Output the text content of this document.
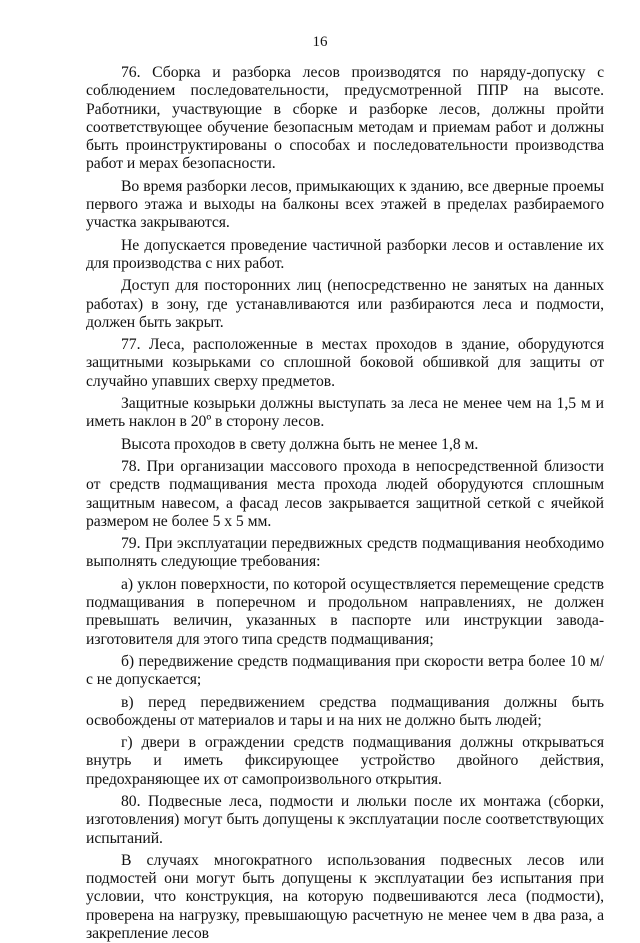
16

76. Сборка и разборка лесов производятся по наряду-допуску с соблюдением последовательности, предусмотренной ППР на высоте. Работники, участвующие в сборке и разборке лесов, должны пройти соответствующее обучение безопасным методам и приемам работ и должны быть проинструктированы о способах и последовательности производства работ и мерах безопасности.

Во время разборки лесов, примыкающих к зданию, все дверные проемы первого этажа и выходы на балконы всех этажей в пределах разбираемого участка закрываются.

Не допускается проведение частичной разборки лесов и оставление их для производства с них работ.

Доступ для посторонних лиц (непосредственно не занятых на данных работах) в зону, где устанавливаются или разбираются леса и подмости, должен быть закрыт.

77. Леса, расположенные в местах проходов в здание, оборудуются защитными козырьками со сплошной боковой обшивкой для защиты от случайно упавших сверху предметов.

Защитные козырьки должны выступать за леса не менее чем на 1,5 м и иметь наклон в 20º в сторону лесов.

Высота проходов в свету должна быть не менее 1,8 м.

78. При организации массового прохода в непосредственной близости от средств подмащивания места прохода людей оборудуются сплошным защитным навесом, а фасад лесов закрывается защитной сеткой с ячейкой размером не более 5 х 5 мм.

79. При эксплуатации передвижных средств подмащивания необходимо выполнять следующие требования:

а) уклон поверхности, по которой осуществляется перемещение средств подмащивания в поперечном и продольном направлениях, не должен превышать величин, указанных в паспорте или инструкции завода-изготовителя для этого типа средств подмащивания;

б) передвижение средств подмащивания при скорости ветра более 10 м/с не допускается;

в) перед передвижением средства подмащивания должны быть освобождены от материалов и тары и на них не должно быть людей;

г) двери в ограждении средств подмащивания должны открываться внутрь и иметь фиксирующее устройство двойного действия, предохраняющее их от самопроизвольного открытия.

80. Подвесные леса, подмости и люльки после их монтажа (сборки, изготовления) могут быть допущены к эксплуатации после соответствующих испытаний.

В случаях многократного использования подвесных лесов или подмостей они могут быть допущены к эксплуатации без испытания при условии, что конструкция, на которую подвешиваются леса (подмости), проверена на нагрузку, превышающую расчетную не менее чем в два раза, а закрепление лесов
